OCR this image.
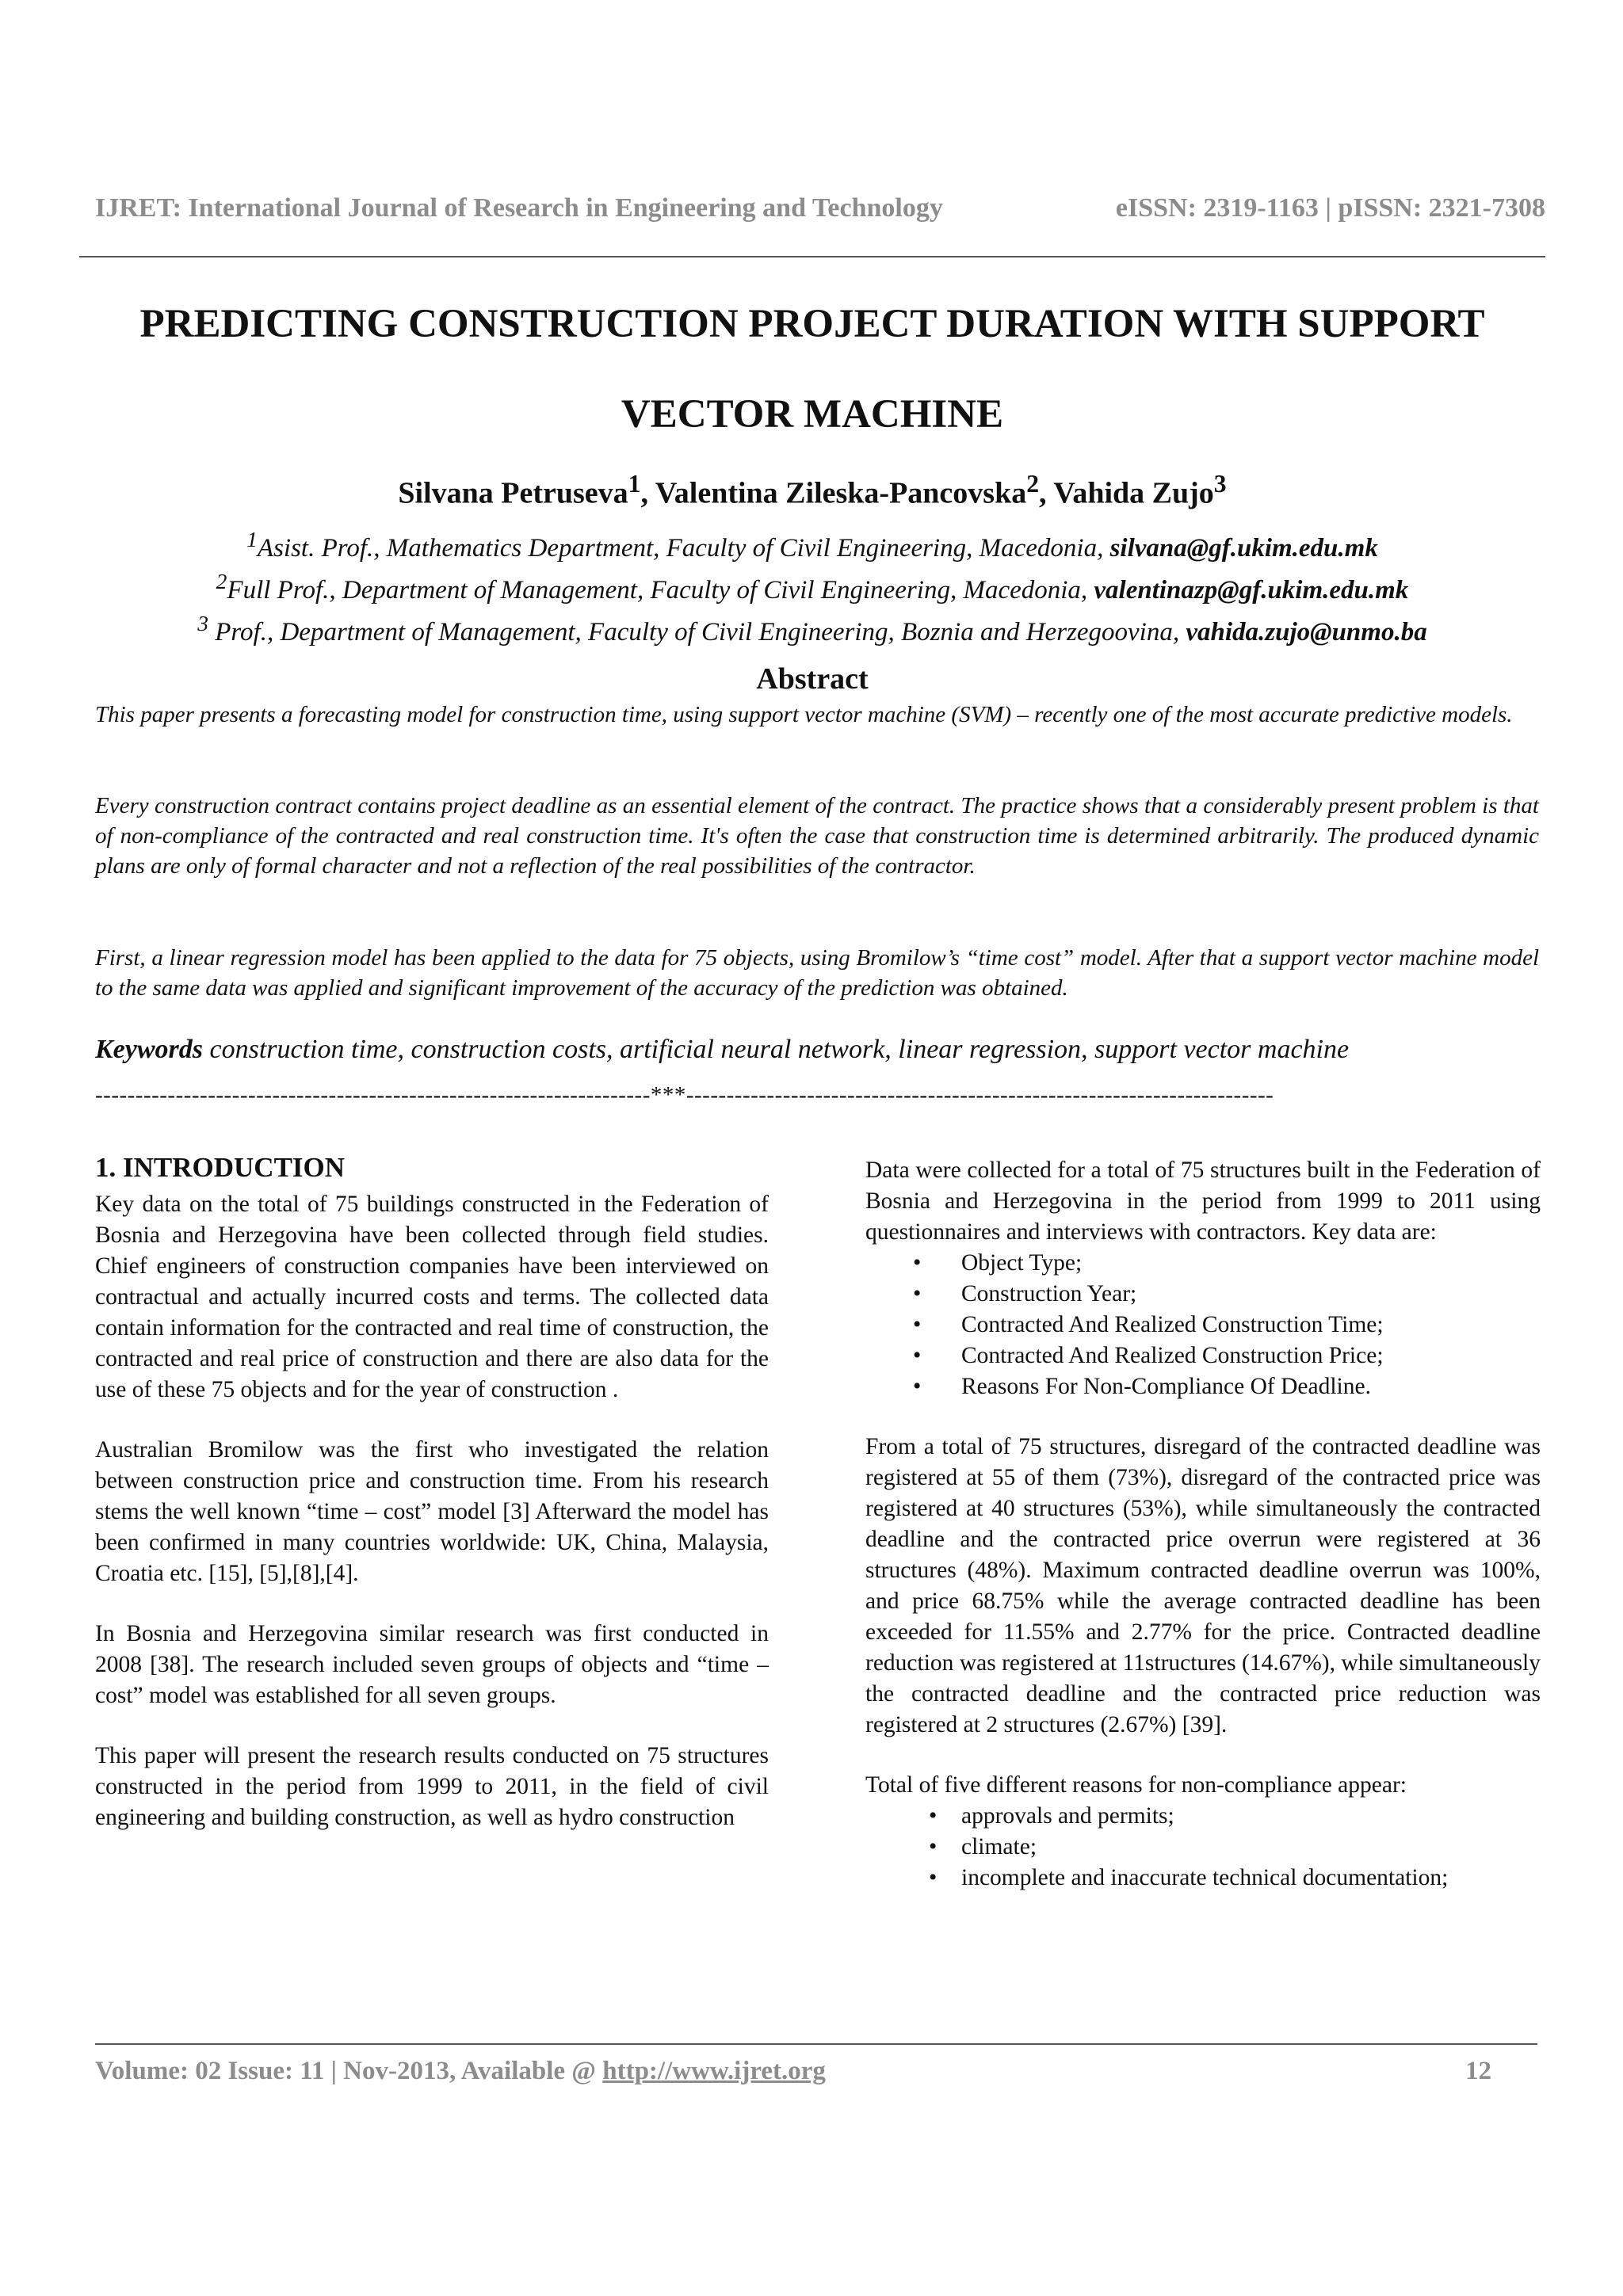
IJRET: International Journal of Research in Engineering and Technology	eISSN: 2319-1163 | pISSN: 2321-7308
PREDICTING CONSTRUCTION PROJECT DURATION WITH SUPPORT
VECTOR MACHINE
Silvana Petruseva$^1$, Valentina Zileska-Pancovska$^2$, Vahida Zujo$^3$
$^1$Asist. Prof., Mathematics Department, Faculty of Civil Engineering, Macedonia, silvana@gf.ukim.edu.mk
$^2$Full Prof., Department of Management, Faculty of Civil Engineering, Macedonia, valentinazp@gf.ukim.edu.mk
$^3$ Prof., Department of Management, Faculty of Civil Engineering, Boznia and Herzegoovina, vahida.zujo@unmo.ba
Abstract
This paper presents a forecasting model for construction time, using support vector machine (SVM) – recently one of the most accurate predictive models.
Every construction contract contains project deadline as an essential element of the contract. The practice shows that a considerably present problem is that of non-compliance of the contracted and real construction time. It's often the case that construction time is determined arbitrarily. The produced dynamic plans are only of formal character and not a reflection of the real possibilities of the contractor.
First, a linear regression model has been applied to the data for 75 objects, using Bromilow’s “time cost” model. After that a support vector machine model to the same data was applied and significant improvement of the accuracy of the prediction was obtained.
Keywords construction time, construction costs, artificial neural network, linear regression, support vector machine
---------------------------------------------------------------------***-------------------------------------------------------------------------
1. INTRODUCTION

Key data on the total of 75 buildings constructed in the Federation of Bosnia and Herzegovina have been collected through field studies. Chief engineers of construction companies have been interviewed on contractual and actually incurred costs and terms. The collected data contain information for the contracted and real time of construction, the contracted and real price of construction and there are also data for the use of these 75 objects and for the year of construction .

Australian Bromilow was the first who investigated the relation between construction price and construction time. From his research stems the well known “time – cost” model [3] Afterward the model has been confirmed in many countries worldwide: UK, China, Malaysia, Croatia etc. [15], [5],[8],[4].

In Bosnia and Herzegovina similar research was first conducted in 2008 [38]. The research included seven groups of objects and “time – cost” model was established for all seven groups.

This paper will present the research results conducted on 75 structures constructed in the period from 1999 to 2011, in the field of civil engineering and building construction, as well as hydro construction

Data were collected for a total of 75 structures built in the Federation of Bosnia and Herzegovina in the period from 1999 to 2011 using questionnaires and interviews with contractors. Key data are:

• Object Type;
• Construction Year;
• Contracted And Realized Construction Time;
• Contracted And Realized Construction Price;
• Reasons For Non-Compliance Of Deadline.

From a total of 75 structures, disregard of the contracted deadline was registered at 55 of them (73%), disregard of the contracted price was registered at 40 structures (53%), while simultaneously the contracted deadline and the contracted price overrun were registered at 36 structures (48%). Maximum contracted deadline overrun was 100%, and price 68.75% while the average contracted deadline has been exceeded for 11.55% and 2.77% for the price. Contracted deadline reduction was registered at 11structures (14.67%), while simultaneously the contracted deadline and the contracted price reduction was registered at 2 structures (2.67%) [39].

Total of five different reasons for non-compliance appear:

• approvals and permits;
• climate;
• incomplete and inaccurate technical documentation;
Volume: 02 Issue: 11 | Nov-2013, Available @ http://www.ijret.org	12
